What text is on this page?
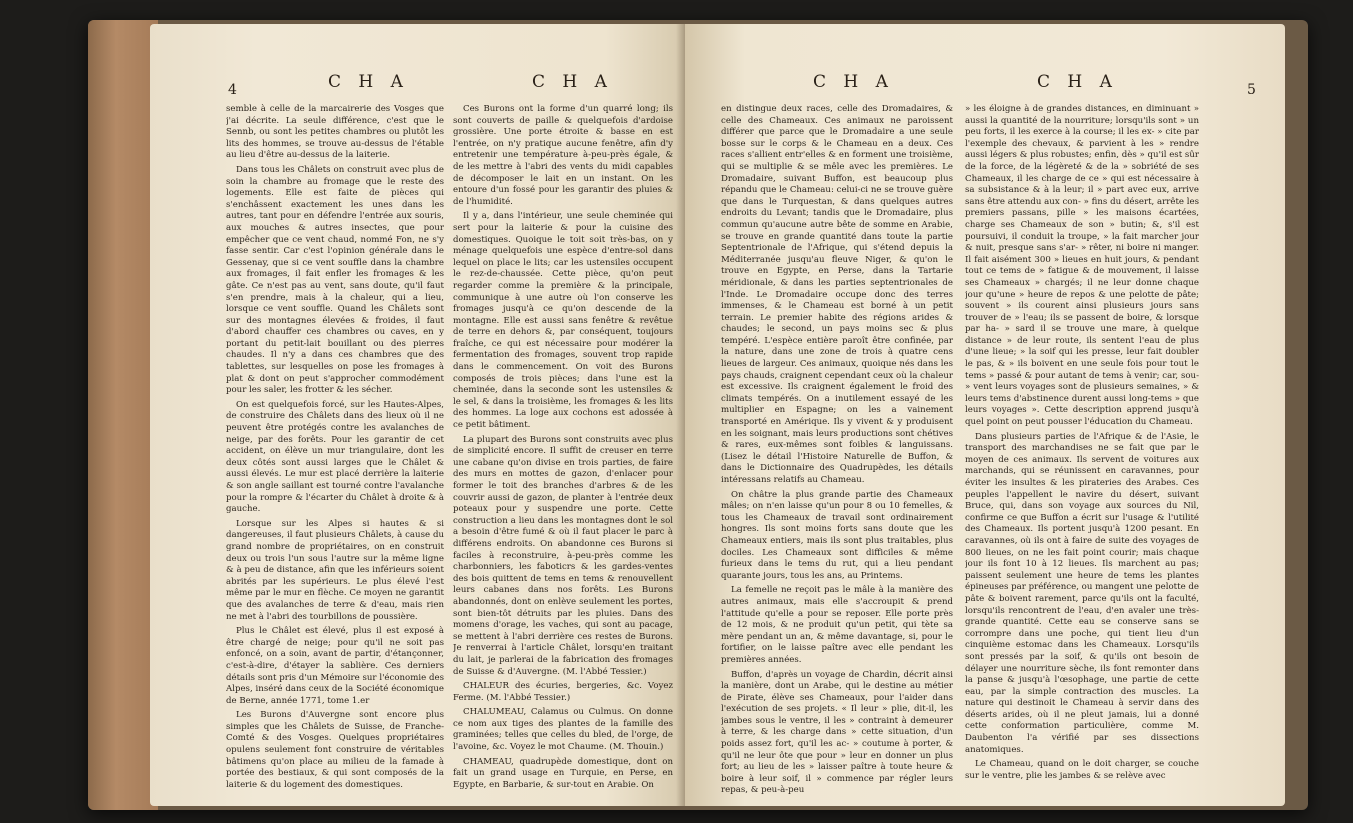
4	C H A	C H A

semble à celle de la marcairerie des Vosges que j'ai décrite. La seule différence, c'est que le Sennb, ou sont les petites chambres ou plutôt les lits des hommes, se trouve au-dessus de l'étable au lieu d'être au-dessus de la laiterie.

Dans tous les Châlets on construit avec plus de soin la chambre au fromage que le reste des logements. Elle est faite de pièces qui s'enchâssent exactement les unes dans les autres, tant pour en défendre l'entrée aux souris, aux mouches & autres insectes, que pour empêcher que ce vent chaud, nommé Fon, ne s'y fasse sentir. Car c'est l'opinion générale dans le Gessenay, que si ce vent souffle dans la chambre aux fromages, il fait enfler les fromages & les gâte. Ce n'est pas au vent, sans doute, qu'il faut s'en prendre, mais à la chaleur, qui a lieu, lorsque ce vent souffle. Quand les Châlets sont sur des montagnes élevées & froides, il faut d'abord chauffer ces chambres ou caves, en y portant du petit-lait bouillant ou des pierres chaudes. Il n'y a dans ces chambres que des tablettes, sur lesquelles on pose les fromages à plat & dont on peut s'approcher commodément pour les saler, les frotter & les sécher.

On est quelquefois forcé, sur les Hautes-Alpes, de construire des Châlets dans des lieux où il ne peuvent être protégés contre les avalanches de neige, par des forêts. Pour les garantir de cet accident, on élève un mur triangulaire, dont les deux côtés sont aussi larges que le Châlet & aussi élevés. Le mur est placé derrière la laiterie & son angle saillant est tourné contre l'avalanche pour la rompre & l'écarter du Châlet à droite & à gauche.

Lorsque sur les Alpes si hautes & si dangereuses, il faut plusieurs Châlets, à cause du grand nombre de propriétaires, on en construit deux ou trois l'un sous l'autre sur la même ligne & à peu de distance, afin que les inférieurs soient abrités par les supérieurs. Le plus élevé l'est même par le mur en flèche. Ce moyen ne garantit que des avalanches de terre & d'eau, mais rien ne met à l'abri des tourbillons de poussière.

Plus le Châlet est élevé, plus il est exposé à être chargé de neige; pour qu'il ne soit pas enfoncé, on a soin, avant de partir, d'étançonner, c'est-à-dire, d'étayer la sablière. Ces derniers détails sont pris d'un Mémoire sur l'économie des Alpes, inséré dans ceux de la Société économique de Berne, année 1771, tome 1.er

Les Burons d'Auvergne sont encore plus simples que les Châlets de Suisse, de Franche-Comté & des Vosges. Quelques propriétaires opulens seulement font construire de véritables bâtimens qu'on place au milieu de la famade à portée des bestiaux, & qui sont composés de la laiterie & du logement des domestiques.

Ces Burons ont la forme d'un quarré long; ils sont couverts de paille & quelquefois d'ardoise grossière. Une porte étroite & basse en est l'entrée, on n'y pratique aucune fenêtre, afin d'y entretenir une température à-peu-près égale, & de les mettre à l'abri des vents du midi capables de décomposer le lait en un instant. On les entoure d'un fossé pour les garantir des pluies & de l'humidité.

Il y a, dans l'intérieur, une seule cheminée qui sert pour la laiterie & pour la cuisine des domestiques. Quoique le toit soit très-bas, on y ménage quelquefois une espèce d'entre-sol dans lequel on place le lits; car les ustensiles occupent le rez-de-chaussée. Cette pièce, qu'on peut regarder comme la première & la principale, communique à une autre où l'on conserve les fromages jusqu'à ce qu'on descende de la montagne. Elle est aussi sans fenêtre & revêtue de terre en dehors &, par conséquent, toujours fraîche, ce qui est nécessaire pour modérer la fermentation des fromages, souvent trop rapide dans le commencement. On voit des Burons composés de trois pièces; dans l'une est la cheminée, dans la seconde sont les ustensiles & le sel, & dans la troisième, les fromages & les lits des hommes. La loge aux cochons est adossée à ce petit bâtiment.

La plupart des Burons sont construits avec plus de simplicité encore. Il suffit de creuser en terre une cabane qu'on divise en trois parties, de faire des murs en mottes de gazon, d'enlacer pour former le toit des branches d'arbres & de les couvrir aussi de gazon, de planter à l'entrée deux poteaux pour y suspendre une porte. Cette construction a lieu dans les montagnes dont le sol a besoin d'être fumé & où il faut placer le parc à différens endroits. On abandonne ces Burons si faciles à reconstruire, à-peu-près comme les charbonniers, les faboticrs & les gardes-ventes des bois quittent de tems en tems & renouvellent leurs cabanes dans nos forêts. Les Burons abandonnés, dont on enlève seulement les portes, sont bien-tôt détruits par les pluies. Dans des momens d'orage, les vaches, qui sont au pacage, se mettent à l'abri derrière ces restes de Burons. Je renverrai à l'article Châlet, lorsqu'en traitant du lait, je parlerai de la fabrication des fromages de Suisse & d'Auvergne. (M. l'Abbé Tessier.)

CHALEUR des écuries, bergeries, &c. Voyez Ferme. (M. l'Abbé Tessier.)

CHALUMEAU, Calamus ou Culmus. On donne ce nom aux tiges des plantes de la famille des graminées; telles que celles du bled, de l'orge, de l'avoine, &c. Voyez le mot Chaume. (M. Thouin.)

CHAMEAU, quadrupède domestique, dont on fait un grand usage en Turquie, en Perse, en Egypte, en Barbarie, & sur-tout en Arabie. On

C H A	C H A	5

en distingue deux races, celle des Dromadaires, & celle des Chameaux. Ces animaux ne paroissent différer que parce que le Dromadaire a une seule bosse sur le corps & le Chameau en a deux. Ces races s'allient entr'elles & en forment une troisième, qui se multiplie & se mêle avec les premières. Le Dromadaire, suivant Buffon, est beaucoup plus répandu que le Chameau: celui-ci ne se trouve guère que dans le Turquestan, & dans quelques autres endroits du Levant; tandis que le Dromadaire, plus commun qu'aucune autre bête de somme en Arabie, se trouve en grande quantité dans toute la partie Septentrionale de l'Afrique, qui s'étend depuis la Méditerranée jusqu'au fleuve Niger, & qu'on le trouve en Egypte, en Perse, dans la Tartarie méridionale, & dans les parties septentrionales de l'Inde. Le Dromadaire occupe donc des terres immenses, & le Chameau est borné à un petit terrain. Le premier habite des régions arides & chaudes; le second, un pays moins sec & plus tempéré. L'espèce entière paroît être confinée, par la nature, dans une zone de trois à quatre cens lieues de largeur. Ces animaux, quoique nés dans les pays chauds, craignent cependant ceux où la chaleur est excessive. Ils craignent également le froid des climats tempérés. On a inutilement essayé de les multiplier en Espagne; on les a vainement transporté en Amérique. Ils y vivent & y produisent en les soignant, mais leurs productions sont chétives & rares, eux-mêmes sont foibles & languissans. (Lisez le détail l'Histoire Naturelle de Buffon, & dans le Dictionnaire des Quadrupèdes, les détails intéressans relatifs au Chameau.

On châtre la plus grande partie des Chameaux mâles; on n'en laisse qu'un pour 8 ou 10 femelles, & tous les Chameaux de travail sont ordinairement hongres. Ils sont moins forts sans doute que les Chameaux entiers, mais ils sont plus traitables, plus dociles. Les Chameaux sont difficiles & même furieux dans le tems du rut, qui a lieu pendant quarante jours, tous les ans, au Printems.

La femelle ne reçoit pas le mâle à la manière des autres animaux, mais elle s'accroupit & prend l'attitude qu'elle a pour se reposer. Elle porte près de 12 mois, & ne produit qu'un petit, qui tète sa mère pendant un an, & même davantage, si, pour le fortifier, on le laisse paître avec elle pendant les premières années.

Buffon, d'après un voyage de Chardin, décrit ainsi la manière, dont un Arabe, qui le destine au métier de Pirate, élève ses Chameaux, pour l'aider dans l'exécution de ses projets. « Il leur » plie, dit-il, les jambes sous le ventre, il les » contraint à demeurer à terre, & les charge dans » cette situation, d'un poids assez fort, qu'il les ac- » coutume à porter, & qu'il ne leur ôte que pour » leur en donner un plus fort; au lieu de les » laisser paître à toute heure & boire à leur soif, il » commence par régler leurs repas, & peu-à-peu

» les éloigne à de grandes distances, en diminuant » aussi la quantité de la nourriture; lorsqu'ils sont » un peu forts, il les exerce à la course; il les ex- » cite par l'exemple des chevaux, & parvient à les » rendre aussi légers & plus robustes; enfin, dès » qu'il est sûr de la force, de la légèreté & de la » sobriété de ses Chameaux, il les charge de ce » qui est nécessaire à sa subsistance & à la leur; il » part avec eux, arrive sans être attendu aux con- » fins du désert, arrête les premiers passans, pille » les maisons écartées, charge ses Chameaux de son » butin; &, s'il est poursuivi, il conduit la troupe, » la fait marcher jour & nuit, presque sans s'ar- » rêter, ni boire ni manger. Il fait aisément 300 » lieues en huit jours, & pendant tout ce tems de » fatigue & de mouvement, il laisse ses Chameaux » chargés; il ne leur donne chaque jour qu'une » heure de repos & une pelotte de pâte; souvent » ils courent ainsi plusieurs jours sans trouver de » l'eau; ils se passent de boire, & lorsque par ha- » sard il se trouve une mare, à quelque distance » de leur route, ils sentent l'eau de plus d'une lieue; » la soif qui les presse, leur fait doubler le pas, & » ils boivent en une seule fois pour tout le tems » passé & pour autant de tems à venir; car, sou- » vent leurs voyages sont de plusieurs semaines, » & leurs tems d'abstinence durent aussi long-tems » que leurs voyages ». Cette description apprend jusqu'à quel point on peut pousser l'éducation du Chameau.

Dans plusieurs parties de l'Afrique & de l'Asie, le transport des marchandises ne se fait que par le moyen de ces animaux. Ils servent de voitures aux marchands, qui se réunissent en caravannes, pour éviter les insultes & les pirateries des Arabes. Ces peuples l'appellent le navire du désert, suivant Bruce, qui, dans son voyage aux sources du Nil, confirme ce que Buffon a écrit sur l'usage & l'utilité des Chameaux. Ils portent jusqu'à 1200 pesant. En caravannes, où ils ont à faire de suite des voyages de 800 lieues, on ne les fait point courir; mais chaque jour ils font 10 à 12 lieues. Ils marchent au pas; paissent seulement une heure de tems les plantes épineuses par préférence, ou mangent une pelotte de pâte & boivent rarement, parce qu'ils ont la faculté, lorsqu'ils rencontrent de l'eau, d'en avaler une très-grande quantité. Cette eau se conserve sans se corrompre dans une poche, qui tient lieu d'un cinquième estomac dans les Chameaux. Lorsqu'ils sont pressés par la soif, & qu'ils ont besoin de délayer une nourriture sèche, ils font remonter dans la panse & jusqu'à l'œsophage, une partie de cette eau, par la simple contraction des muscles. La nature qui destinoit le Chameau à servir dans des déserts arides, où il ne pleut jamais, lui a donné cette conformation particulière, comme M. Daubenton l'a vérifié par ses dissections anatomiques.

Le Chameau, quand on le doit charger, se couche sur le ventre, plie les jambes & se relève avec
